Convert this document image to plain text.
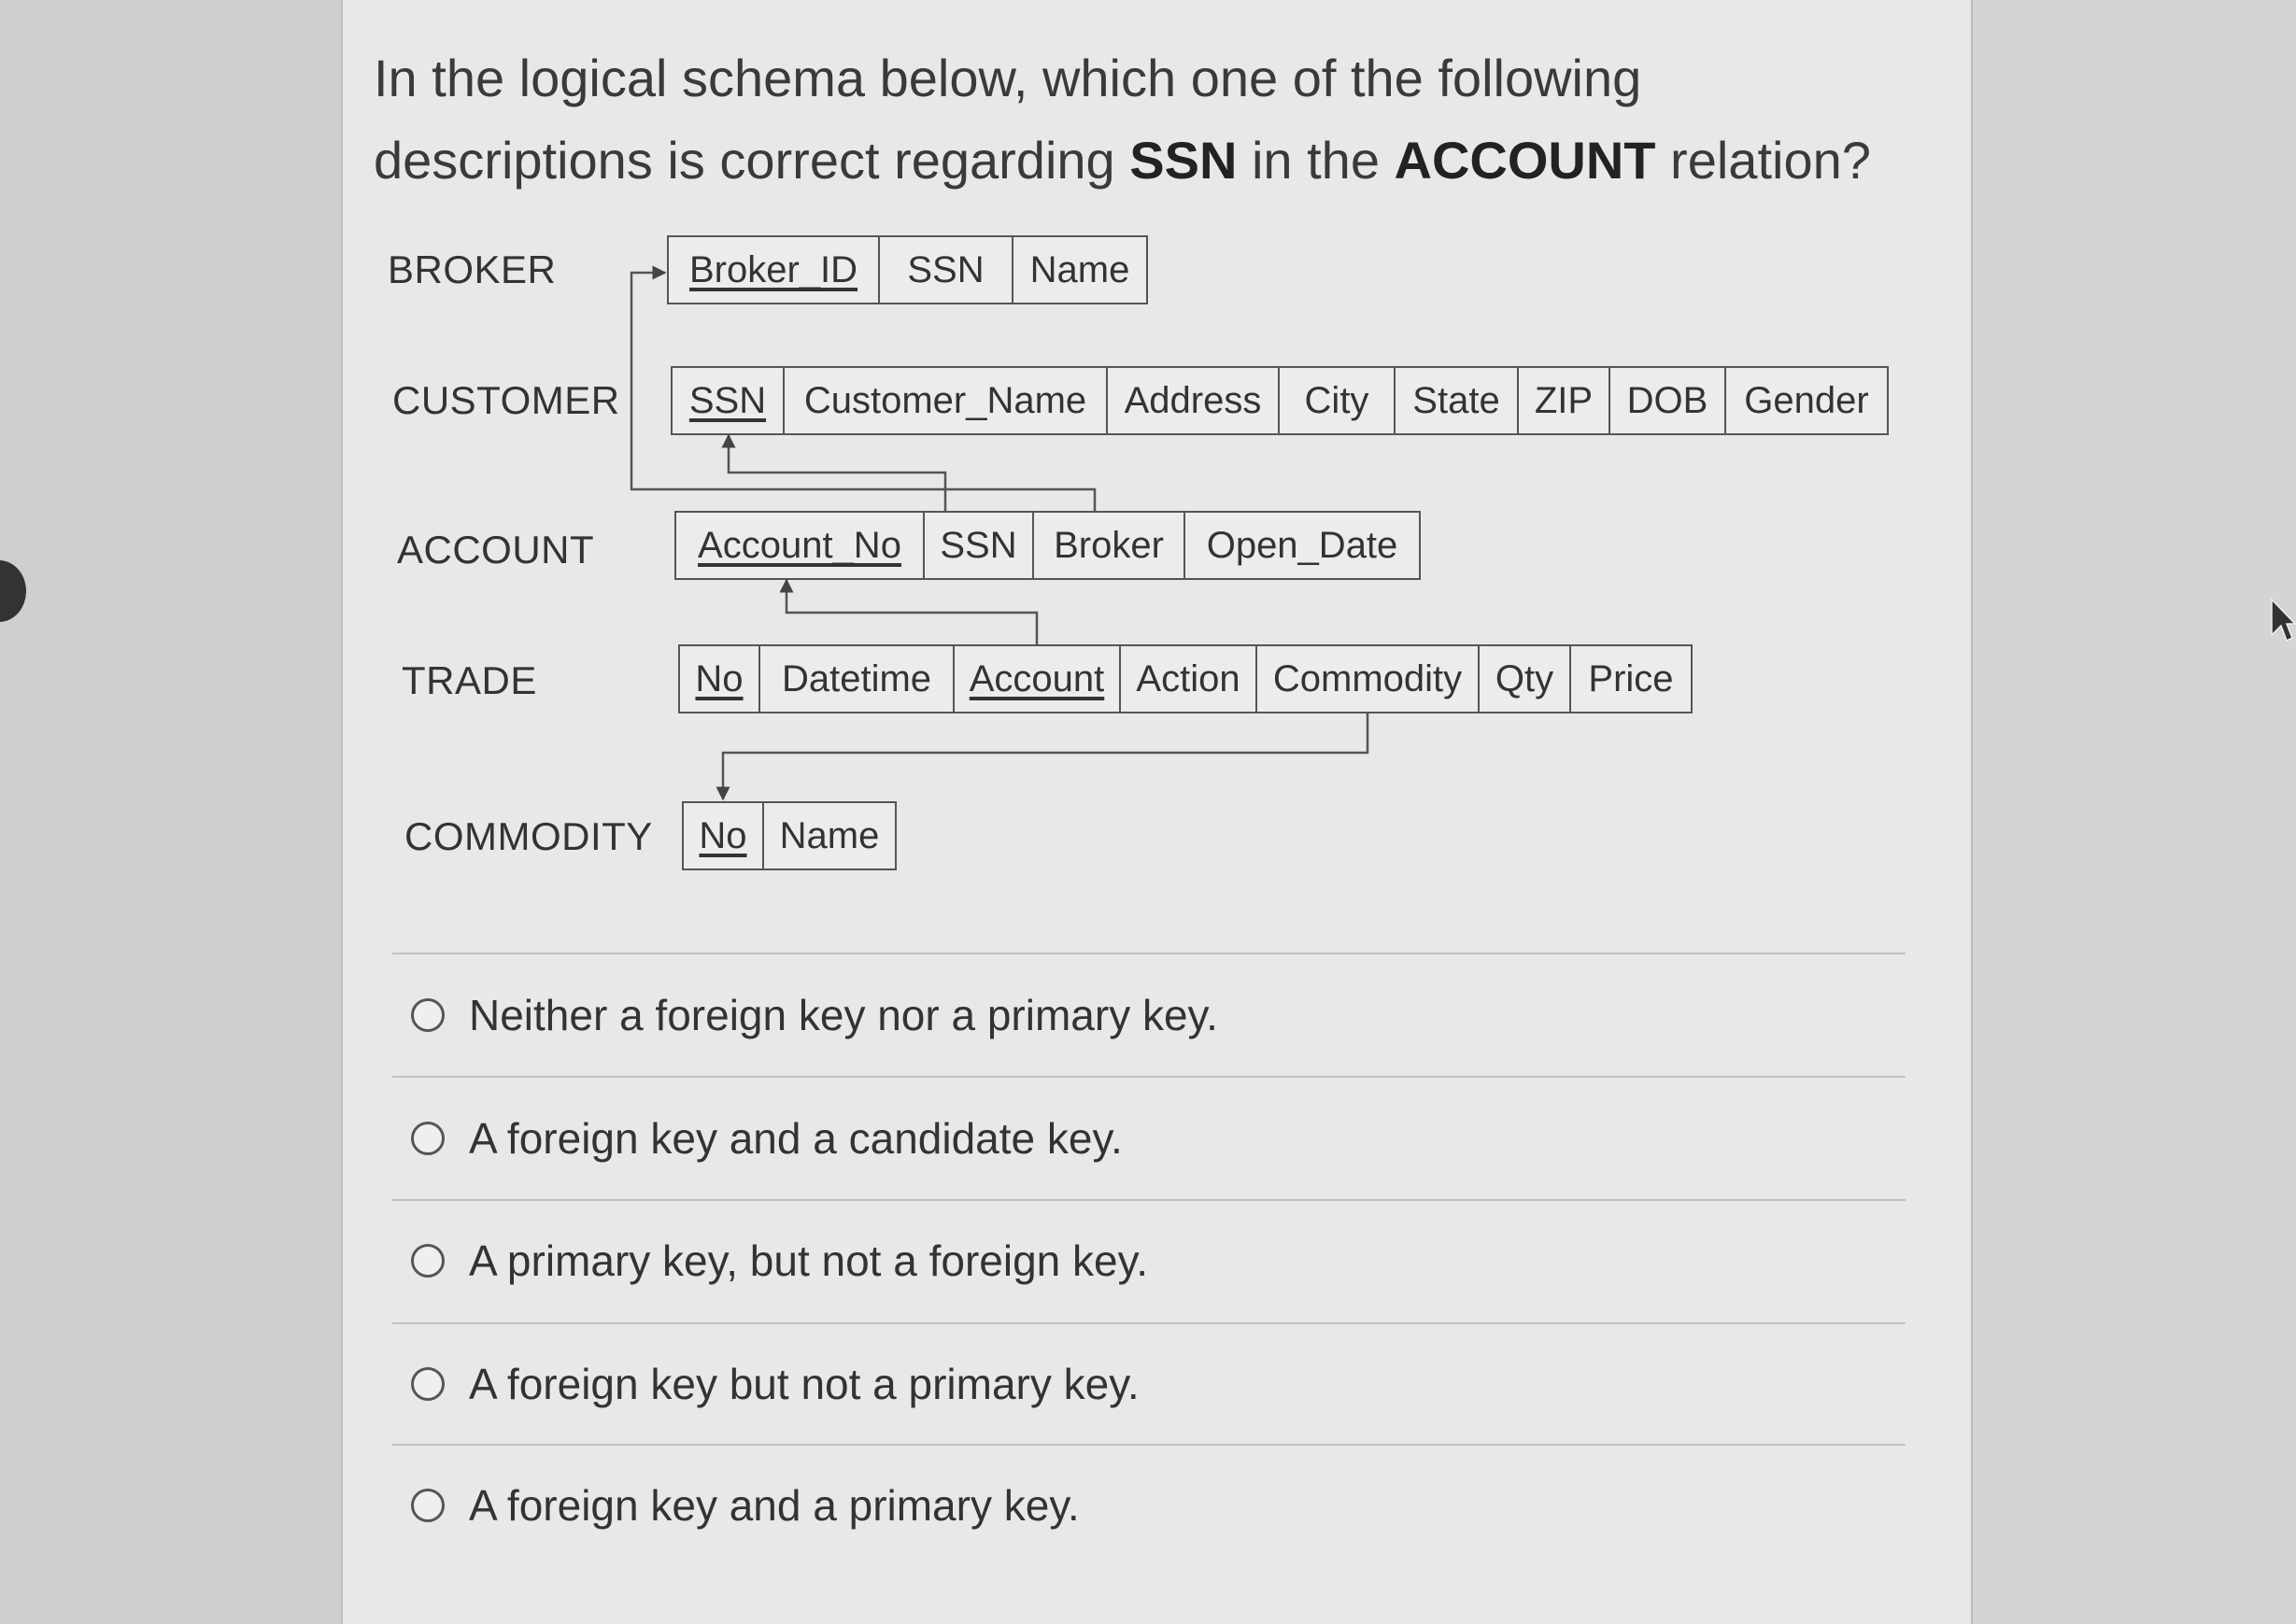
In the logical schema below, which one of the following descriptions is correct regarding SSN in the ACCOUNT relation?
BROKER
CUSTOMER
ACCOUNT
TRADE
COMMODITY
Broker_ID SSN Name
SSN Customer_Name Address City State ZIP DOB Gender
Account_No SSN Broker Open_Date
No Datetime Account Action Commodity Qty Price
No Name
Neither a foreign key nor a primary key.
A foreign key and a candidate key.
A primary key, but not a foreign key.
A foreign key but not a primary key.
A foreign key and a primary key.
